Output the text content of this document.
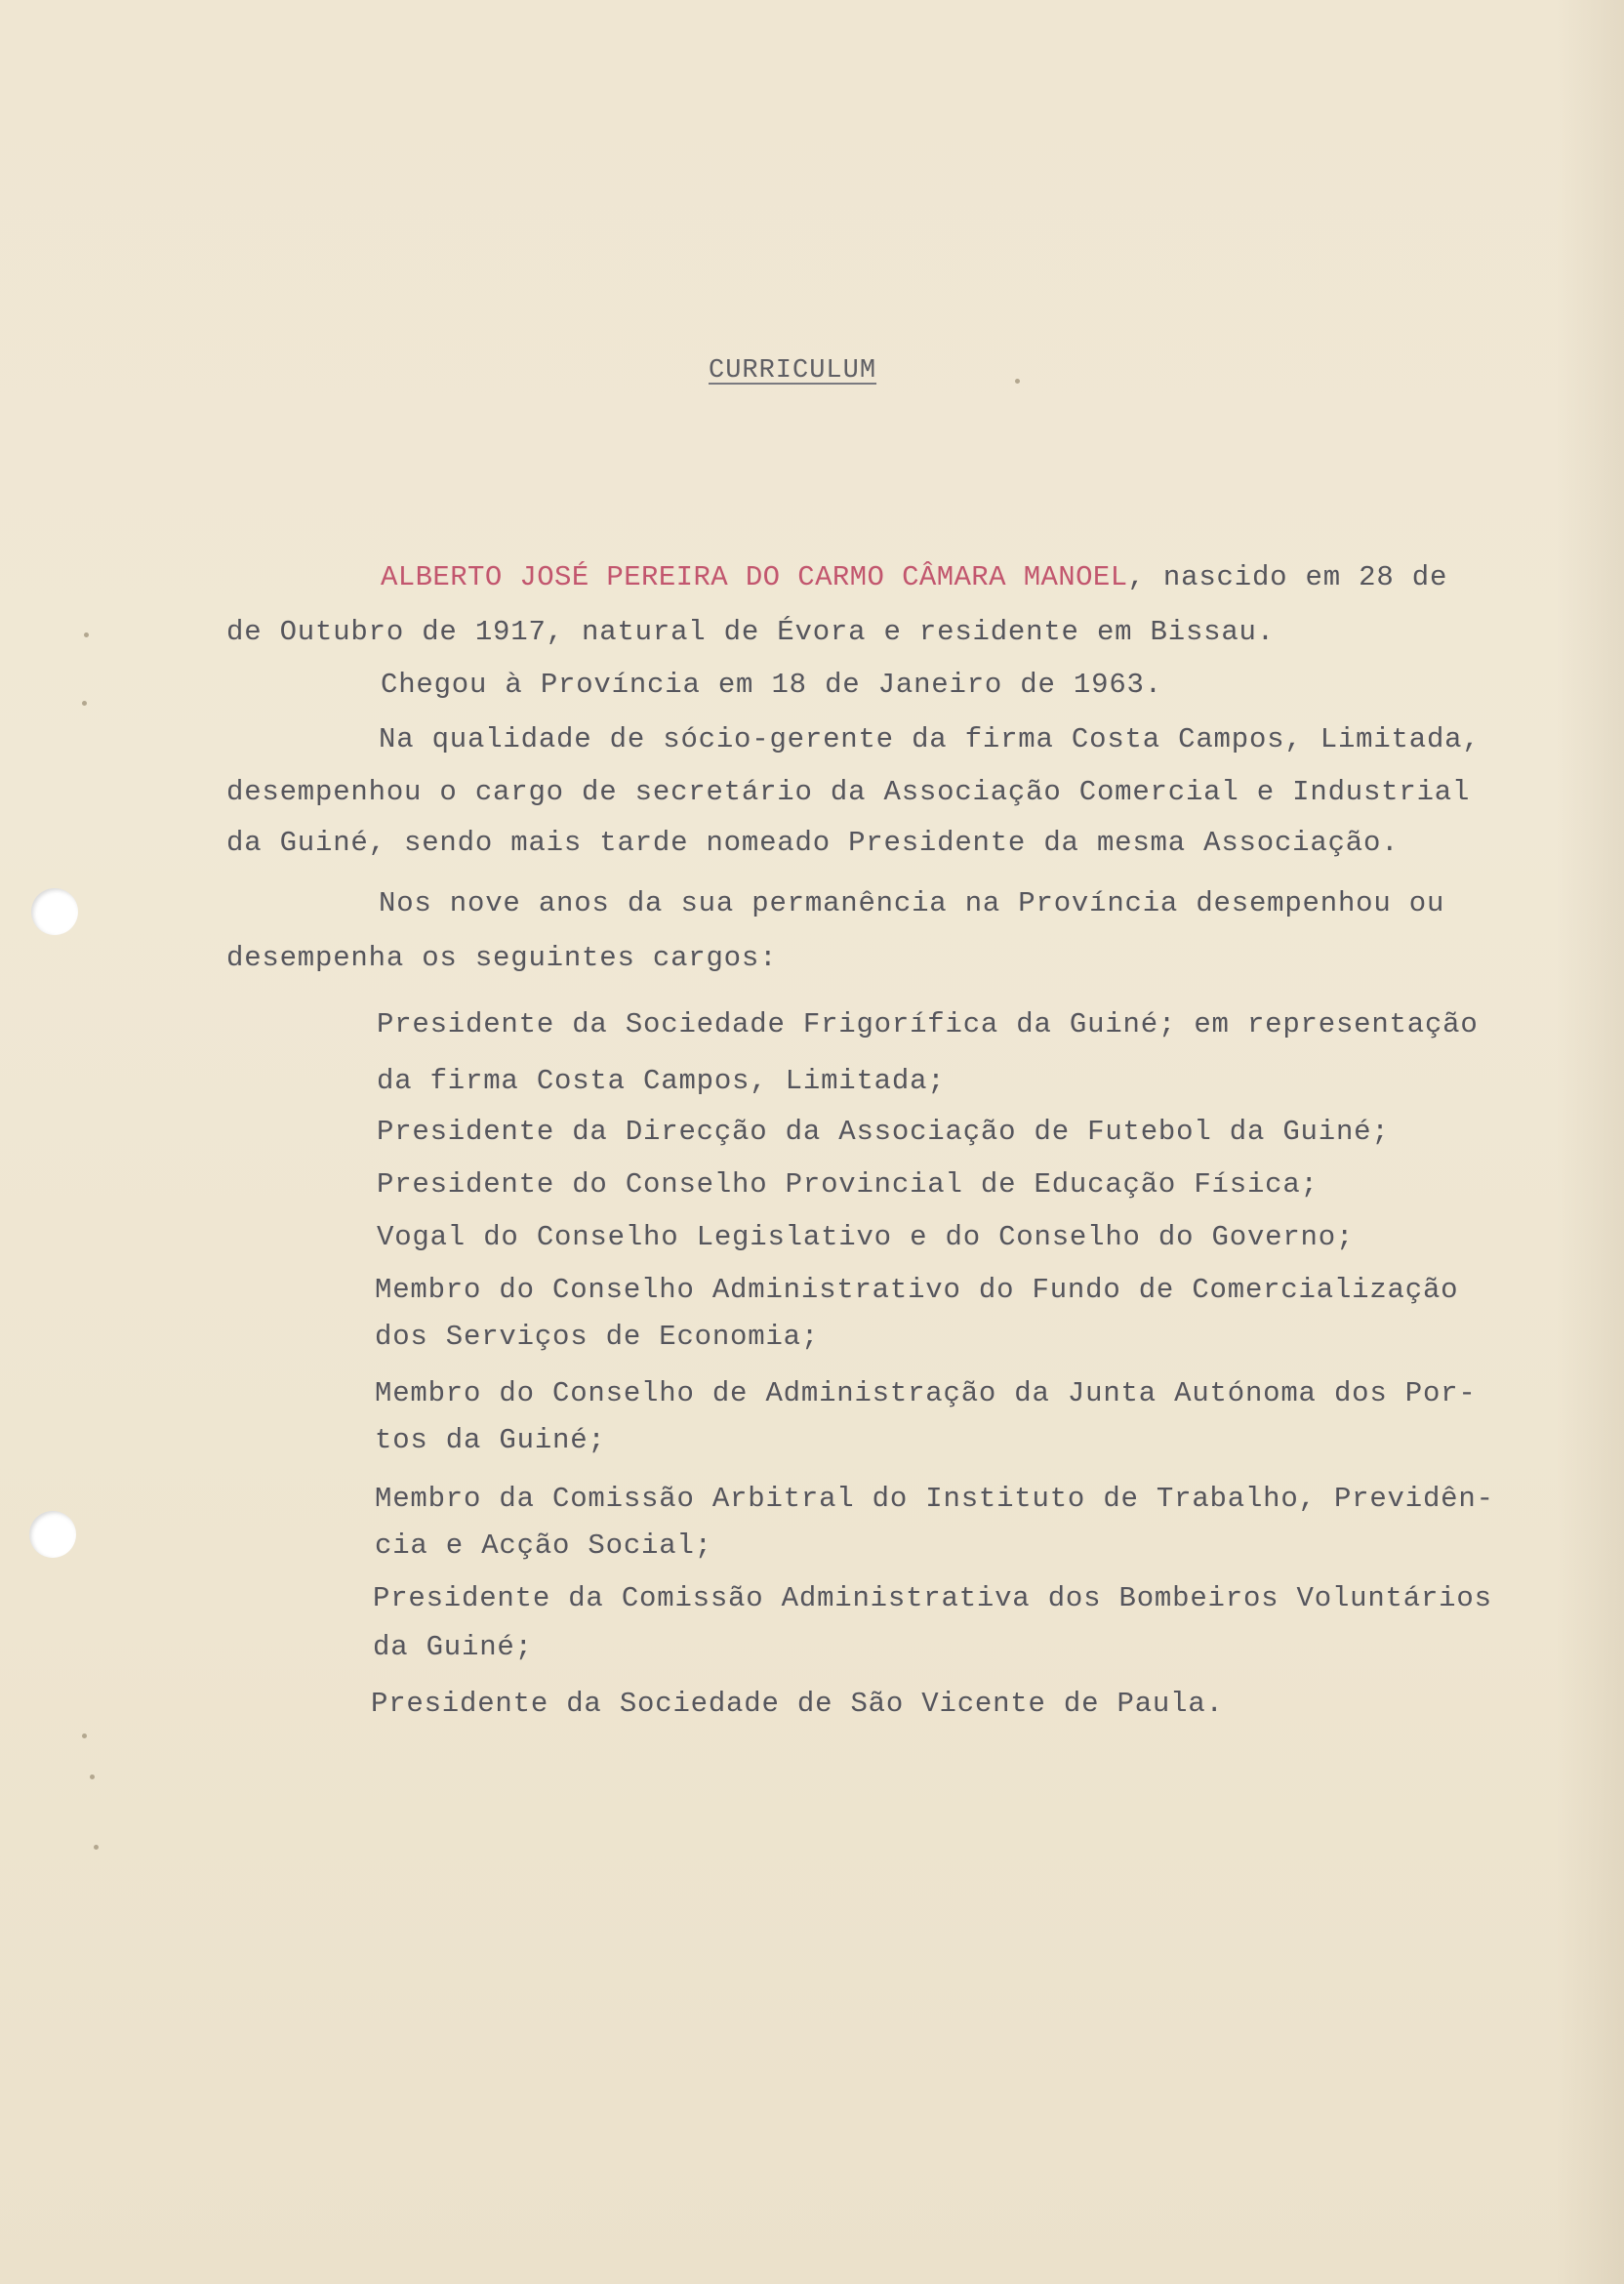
CURRICULUM

ALBERTO JOSÉ PEREIRA DO CARMO CÂMARA MANOEL, nascido em 28 de

de Outubro de 1917, natural de Évora e residente em Bissau.

Chegou à Província em 18 de Janeiro de 1963.

Na qualidade de sócio-gerente da firma Costa Campos, Limitada,

desempenhou o cargo de secretário da Associação Comercial e Industrial

da Guiné, sendo mais tarde nomeado Presidente da mesma Associação.

Nos nove anos da sua permanência na Província desempenhou ou

desempenha os seguintes cargos:

Presidente da Sociedade Frigorífica da Guiné; em representação

da firma Costa Campos, Limitada;

Presidente da Direcção da Associação de Futebol da Guiné;

Presidente do Conselho Provincial de Educação Física;

Vogal do Conselho Legislativo e do Conselho do Governo;

Membro do Conselho Administrativo do Fundo de Comercialização

dos Serviços de Economia;

Membro do Conselho de Administração da Junta Autónoma dos Por-

tos da Guiné;

Membro da Comissão Arbitral do Instituto de Trabalho, Previdên-

cia e Acção Social;

Presidente da Comissão Administrativa dos Bombeiros Voluntários

da Guiné;

Presidente da Sociedade de São Vicente de Paula.
